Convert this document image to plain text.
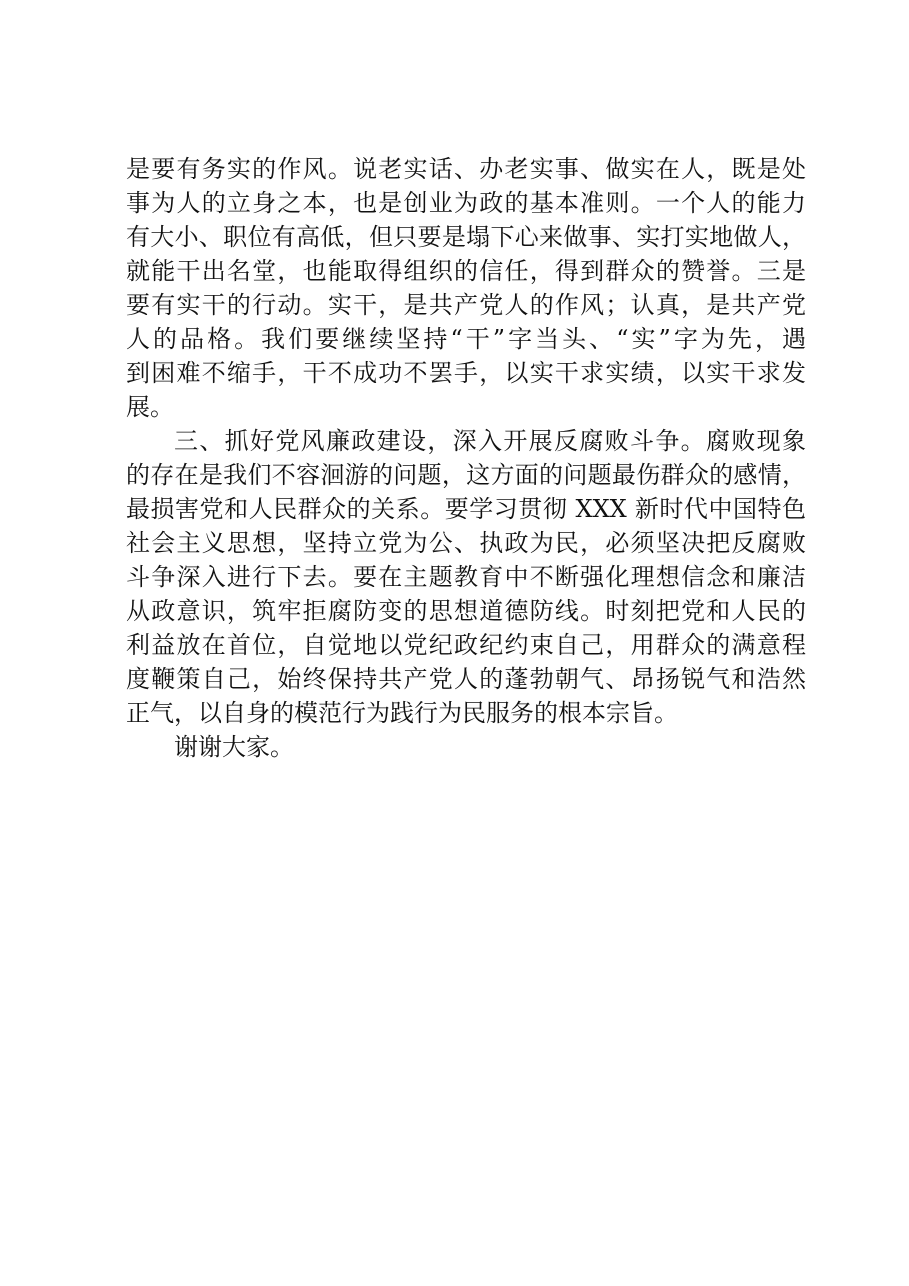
是要有务实的作风。说老实话、办老实事、做实在人，既是处
事为人的立身之本，也是创业为政的基本准则。一个人的能力
有大小、职位有高低，但只要是塌下心来做事、实打实地做人，
就能干出名堂，也能取得组织的信任，得到群众的赞誉。三是
要有实干的行动。实干，是共产党人的作风；认真，是共产党
人的品格。我们要继续坚持“干”字当头、“实”字为先，遇
到困难不缩手，干不成功不罢手，以实干求实绩，以实干求发
展。
三、抓好党风廉政建设，深入开展反腐败斗争。腐败现象
的存在是我们不容洄游的问题，这方面的问题最伤群众的感情，
最损害党和人民群众的关系。要学习贯彻 XXX 新时代中国特色
社会主义思想，坚持立党为公、执政为民，必须坚决把反腐败
斗争深入进行下去。要在主题教育中不断强化理想信念和廉洁
从政意识，筑牢拒腐防变的思想道德防线。时刻把党和人民的
利益放在首位，自觉地以党纪政纪约束自己，用群众的满意程
度鞭策自己，始终保持共产党人的蓬勃朝气、昂扬锐气和浩然
正气，以自身的模范行为践行为民服务的根本宗旨。
谢谢大家。
